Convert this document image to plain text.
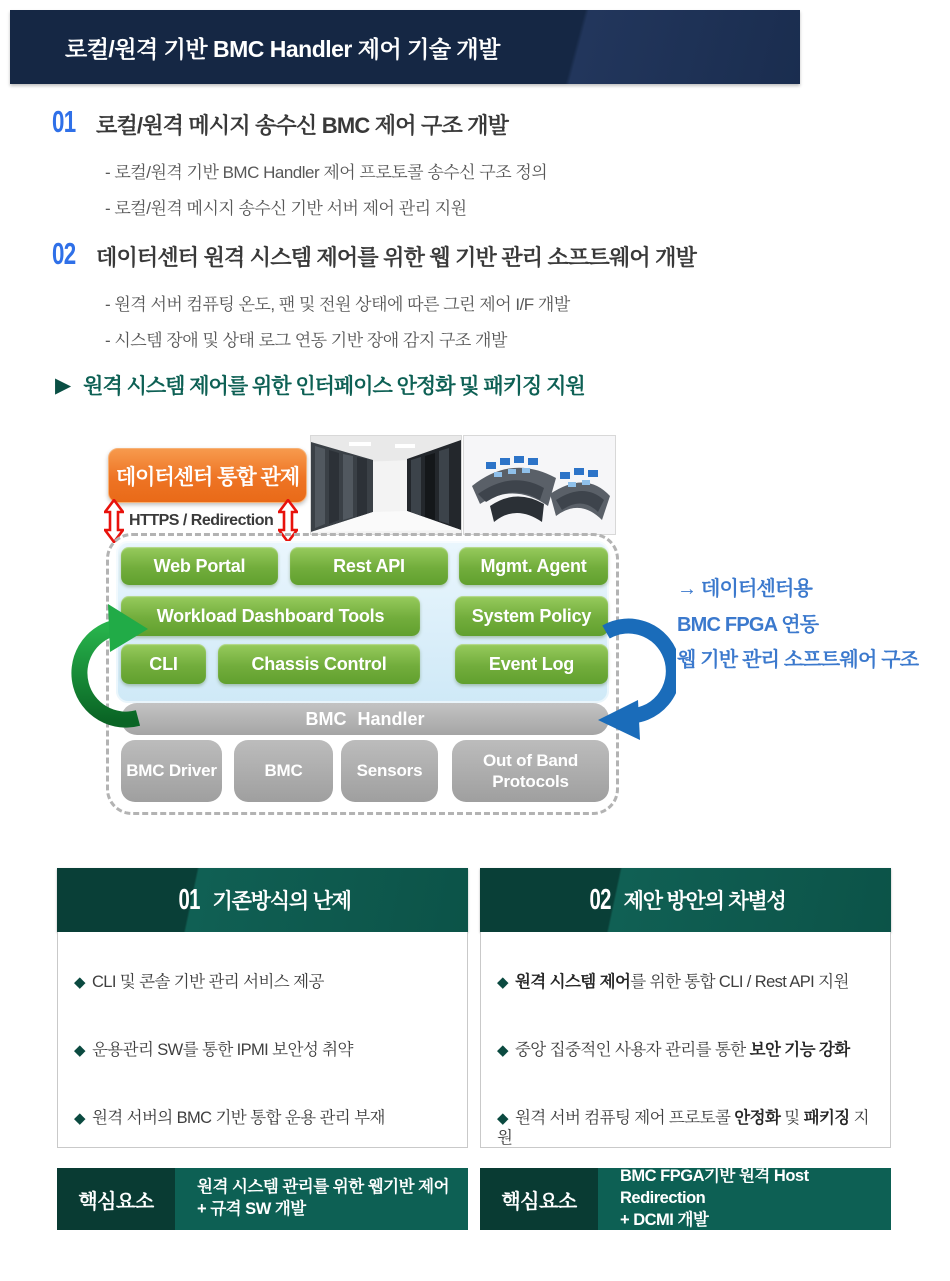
로컬/원격 기반 BMC Handler 제어 기술 개발
01 로컬/원격 메시지 송수신 BMC 제어 구조 개발
- 로컬/원격 기반 BMC Handler 제어 프로토콜 송수신 구조 정의
- 로컬/원격 메시지 송수신 기반 서버 제어 관리 지원
02 데이터센터 원격 시스템 제어를 위한 웹 기반 관리 소프트웨어 개발
- 원격 서버 컴퓨팅 온도, 팬 및 전원 상태에 따른 그린 제어 I/F 개발
- 시스템 장애 및 상태 로그 연동 기반 장애 감지 구조 개발
▶ 원격 시스템 제어를 위한 인터페이스 안정화 및 패키징 지원
데이터센터 통합 관제
HTTPS / Redirection
Web Portal	Rest API	Mgmt. Agent
Workload Dashboard Tools	System Policy
CLI	Chassis Control	Event Log
BMC Handler
BMC Driver	BMC	Sensors
Out of Band Protocols
→ 데이터센터용
BMC FPGA 연동
웹 기반 관리 소프트웨어 구조
01 기존방식의 난제	02 제안 방안의 차별성
◆ CLI 및 콘솔 기반 관리 서비스 제공
◆ 운용관리 SW를 통한 IPMI 보안성 취약
◆ 원격 서버의 BMC 기반 통합 운용 관리 부재
◆ 원격 시스템 제어를 위한 통합 CLI / Rest API 지원
◆ 중앙 집중적인 사용자 관리를 통한 보안 기능 강화
◆ 원격 서버 컴퓨팅 제어 프로토콜 안정화 및 패키징 지원
핵심요소
원격 시스템 관리를 위한 웹기반 제어
+ 규격 SW 개발	핵심요소
BMC FPGA기반 원격 Host Redirection
+ DCMI 개발
